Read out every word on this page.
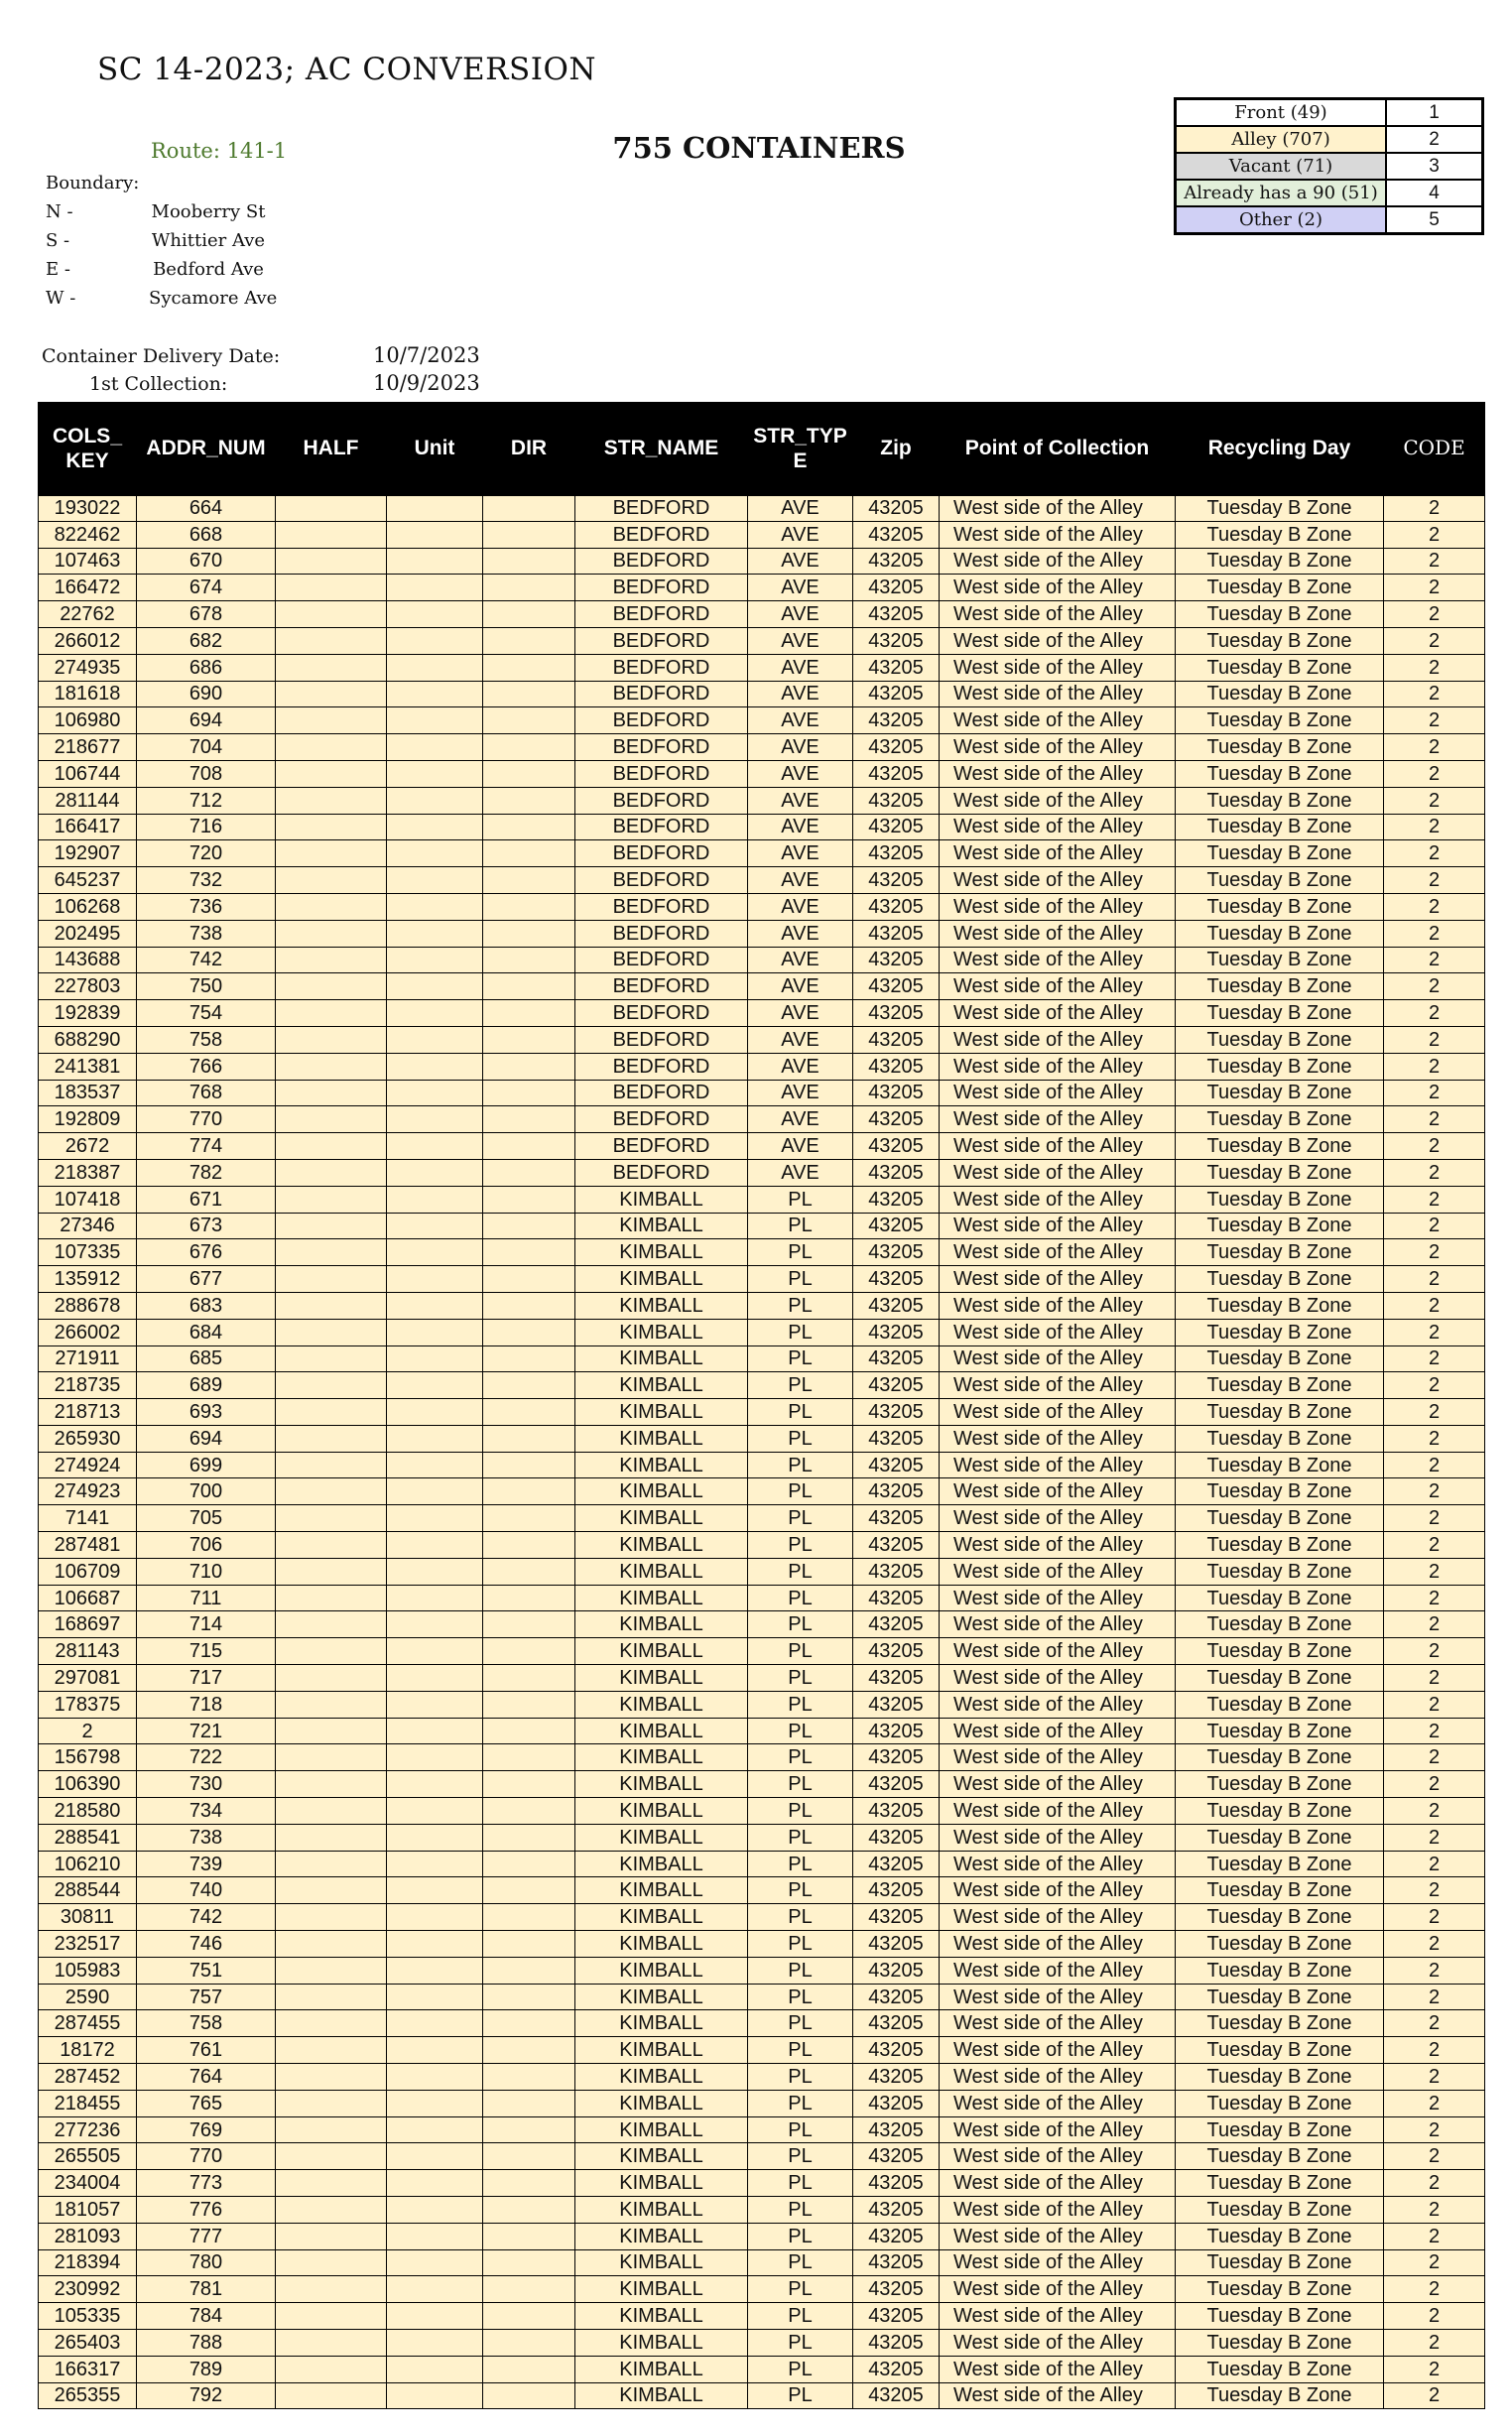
SC 14-2023; AC CONVERSION
Route: 141-1	755 CONTAINERS
Boundary:
N -	Mooberry St
S -	Whittier Ave
E -	Bedford Ave
W -	Sycamore Ave
Container Delivery Date:	10/7/2023
1st Collection:	10/9/2023
Front (49)	1
Alley (707)	2
Vacant (71)	3
Already has a 90 (51)	4
Other (2)	5
COLS_ KEY	ADDR_NUM	HALF	Unit	DIR	STR_NAME	STR_TYP E	Zip	Point of Collection	Recycling Day	CODE
193022	664				BEDFORD	AVE	43205	West side of the Alley	Tuesday B Zone	2
822462	668				BEDFORD	AVE	43205	West side of the Alley	Tuesday B Zone	2
107463	670				BEDFORD	AVE	43205	West side of the Alley	Tuesday B Zone	2
166472	674				BEDFORD	AVE	43205	West side of the Alley	Tuesday B Zone	2
22762	678				BEDFORD	AVE	43205	West side of the Alley	Tuesday B Zone	2
266012	682				BEDFORD	AVE	43205	West side of the Alley	Tuesday B Zone	2
274935	686				BEDFORD	AVE	43205	West side of the Alley	Tuesday B Zone	2
181618	690				BEDFORD	AVE	43205	West side of the Alley	Tuesday B Zone	2
106980	694				BEDFORD	AVE	43205	West side of the Alley	Tuesday B Zone	2
218677	704				BEDFORD	AVE	43205	West side of the Alley	Tuesday B Zone	2
106744	708				BEDFORD	AVE	43205	West side of the Alley	Tuesday B Zone	2
281144	712				BEDFORD	AVE	43205	West side of the Alley	Tuesday B Zone	2
166417	716				BEDFORD	AVE	43205	West side of the Alley	Tuesday B Zone	2
192907	720				BEDFORD	AVE	43205	West side of the Alley	Tuesday B Zone	2
645237	732				BEDFORD	AVE	43205	West side of the Alley	Tuesday B Zone	2
106268	736				BEDFORD	AVE	43205	West side of the Alley	Tuesday B Zone	2
202495	738				BEDFORD	AVE	43205	West side of the Alley	Tuesday B Zone	2
143688	742				BEDFORD	AVE	43205	West side of the Alley	Tuesday B Zone	2
227803	750				BEDFORD	AVE	43205	West side of the Alley	Tuesday B Zone	2
192839	754				BEDFORD	AVE	43205	West side of the Alley	Tuesday B Zone	2
688290	758				BEDFORD	AVE	43205	West side of the Alley	Tuesday B Zone	2
241381	766				BEDFORD	AVE	43205	West side of the Alley	Tuesday B Zone	2
183537	768				BEDFORD	AVE	43205	West side of the Alley	Tuesday B Zone	2
192809	770				BEDFORD	AVE	43205	West side of the Alley	Tuesday B Zone	2
2672	774				BEDFORD	AVE	43205	West side of the Alley	Tuesday B Zone	2
218387	782				BEDFORD	AVE	43205	West side of the Alley	Tuesday B Zone	2
107418	671				KIMBALL	PL	43205	West side of the Alley	Tuesday B Zone	2
27346	673				KIMBALL	PL	43205	West side of the Alley	Tuesday B Zone	2
107335	676				KIMBALL	PL	43205	West side of the Alley	Tuesday B Zone	2
135912	677				KIMBALL	PL	43205	West side of the Alley	Tuesday B Zone	2
288678	683				KIMBALL	PL	43205	West side of the Alley	Tuesday B Zone	2
266002	684				KIMBALL	PL	43205	West side of the Alley	Tuesday B Zone	2
271911	685				KIMBALL	PL	43205	West side of the Alley	Tuesday B Zone	2
218735	689				KIMBALL	PL	43205	West side of the Alley	Tuesday B Zone	2
218713	693				KIMBALL	PL	43205	West side of the Alley	Tuesday B Zone	2
265930	694				KIMBALL	PL	43205	West side of the Alley	Tuesday B Zone	2
274924	699				KIMBALL	PL	43205	West side of the Alley	Tuesday B Zone	2
274923	700				KIMBALL	PL	43205	West side of the Alley	Tuesday B Zone	2
7141	705				KIMBALL	PL	43205	West side of the Alley	Tuesday B Zone	2
287481	706				KIMBALL	PL	43205	West side of the Alley	Tuesday B Zone	2
106709	710				KIMBALL	PL	43205	West side of the Alley	Tuesday B Zone	2
106687	711				KIMBALL	PL	43205	West side of the Alley	Tuesday B Zone	2
168697	714				KIMBALL	PL	43205	West side of the Alley	Tuesday B Zone	2
281143	715				KIMBALL	PL	43205	West side of the Alley	Tuesday B Zone	2
297081	717				KIMBALL	PL	43205	West side of the Alley	Tuesday B Zone	2
178375	718				KIMBALL	PL	43205	West side of the Alley	Tuesday B Zone	2
2	721				KIMBALL	PL	43205	West side of the Alley	Tuesday B Zone	2
156798	722				KIMBALL	PL	43205	West side of the Alley	Tuesday B Zone	2
106390	730				KIMBALL	PL	43205	West side of the Alley	Tuesday B Zone	2
218580	734				KIMBALL	PL	43205	West side of the Alley	Tuesday B Zone	2
288541	738				KIMBALL	PL	43205	West side of the Alley	Tuesday B Zone	2
106210	739				KIMBALL	PL	43205	West side of the Alley	Tuesday B Zone	2
288544	740				KIMBALL	PL	43205	West side of the Alley	Tuesday B Zone	2
30811	742				KIMBALL	PL	43205	West side of the Alley	Tuesday B Zone	2
232517	746				KIMBALL	PL	43205	West side of the Alley	Tuesday B Zone	2
105983	751				KIMBALL	PL	43205	West side of the Alley	Tuesday B Zone	2
2590	757				KIMBALL	PL	43205	West side of the Alley	Tuesday B Zone	2
287455	758				KIMBALL	PL	43205	West side of the Alley	Tuesday B Zone	2
18172	761				KIMBALL	PL	43205	West side of the Alley	Tuesday B Zone	2
287452	764				KIMBALL	PL	43205	West side of the Alley	Tuesday B Zone	2
218455	765				KIMBALL	PL	43205	West side of the Alley	Tuesday B Zone	2
277236	769				KIMBALL	PL	43205	West side of the Alley	Tuesday B Zone	2
265505	770				KIMBALL	PL	43205	West side of the Alley	Tuesday B Zone	2
234004	773				KIMBALL	PL	43205	West side of the Alley	Tuesday B Zone	2
181057	776				KIMBALL	PL	43205	West side of the Alley	Tuesday B Zone	2
281093	777				KIMBALL	PL	43205	West side of the Alley	Tuesday B Zone	2
218394	780				KIMBALL	PL	43205	West side of the Alley	Tuesday B Zone	2
230992	781				KIMBALL	PL	43205	West side of the Alley	Tuesday B Zone	2
105335	784				KIMBALL	PL	43205	West side of the Alley	Tuesday B Zone	2
265403	788				KIMBALL	PL	43205	West side of the Alley	Tuesday B Zone	2
166317	789				KIMBALL	PL	43205	West side of the Alley	Tuesday B Zone	2
265355	792				KIMBALL	PL	43205	West side of the Alley	Tuesday B Zone	2
